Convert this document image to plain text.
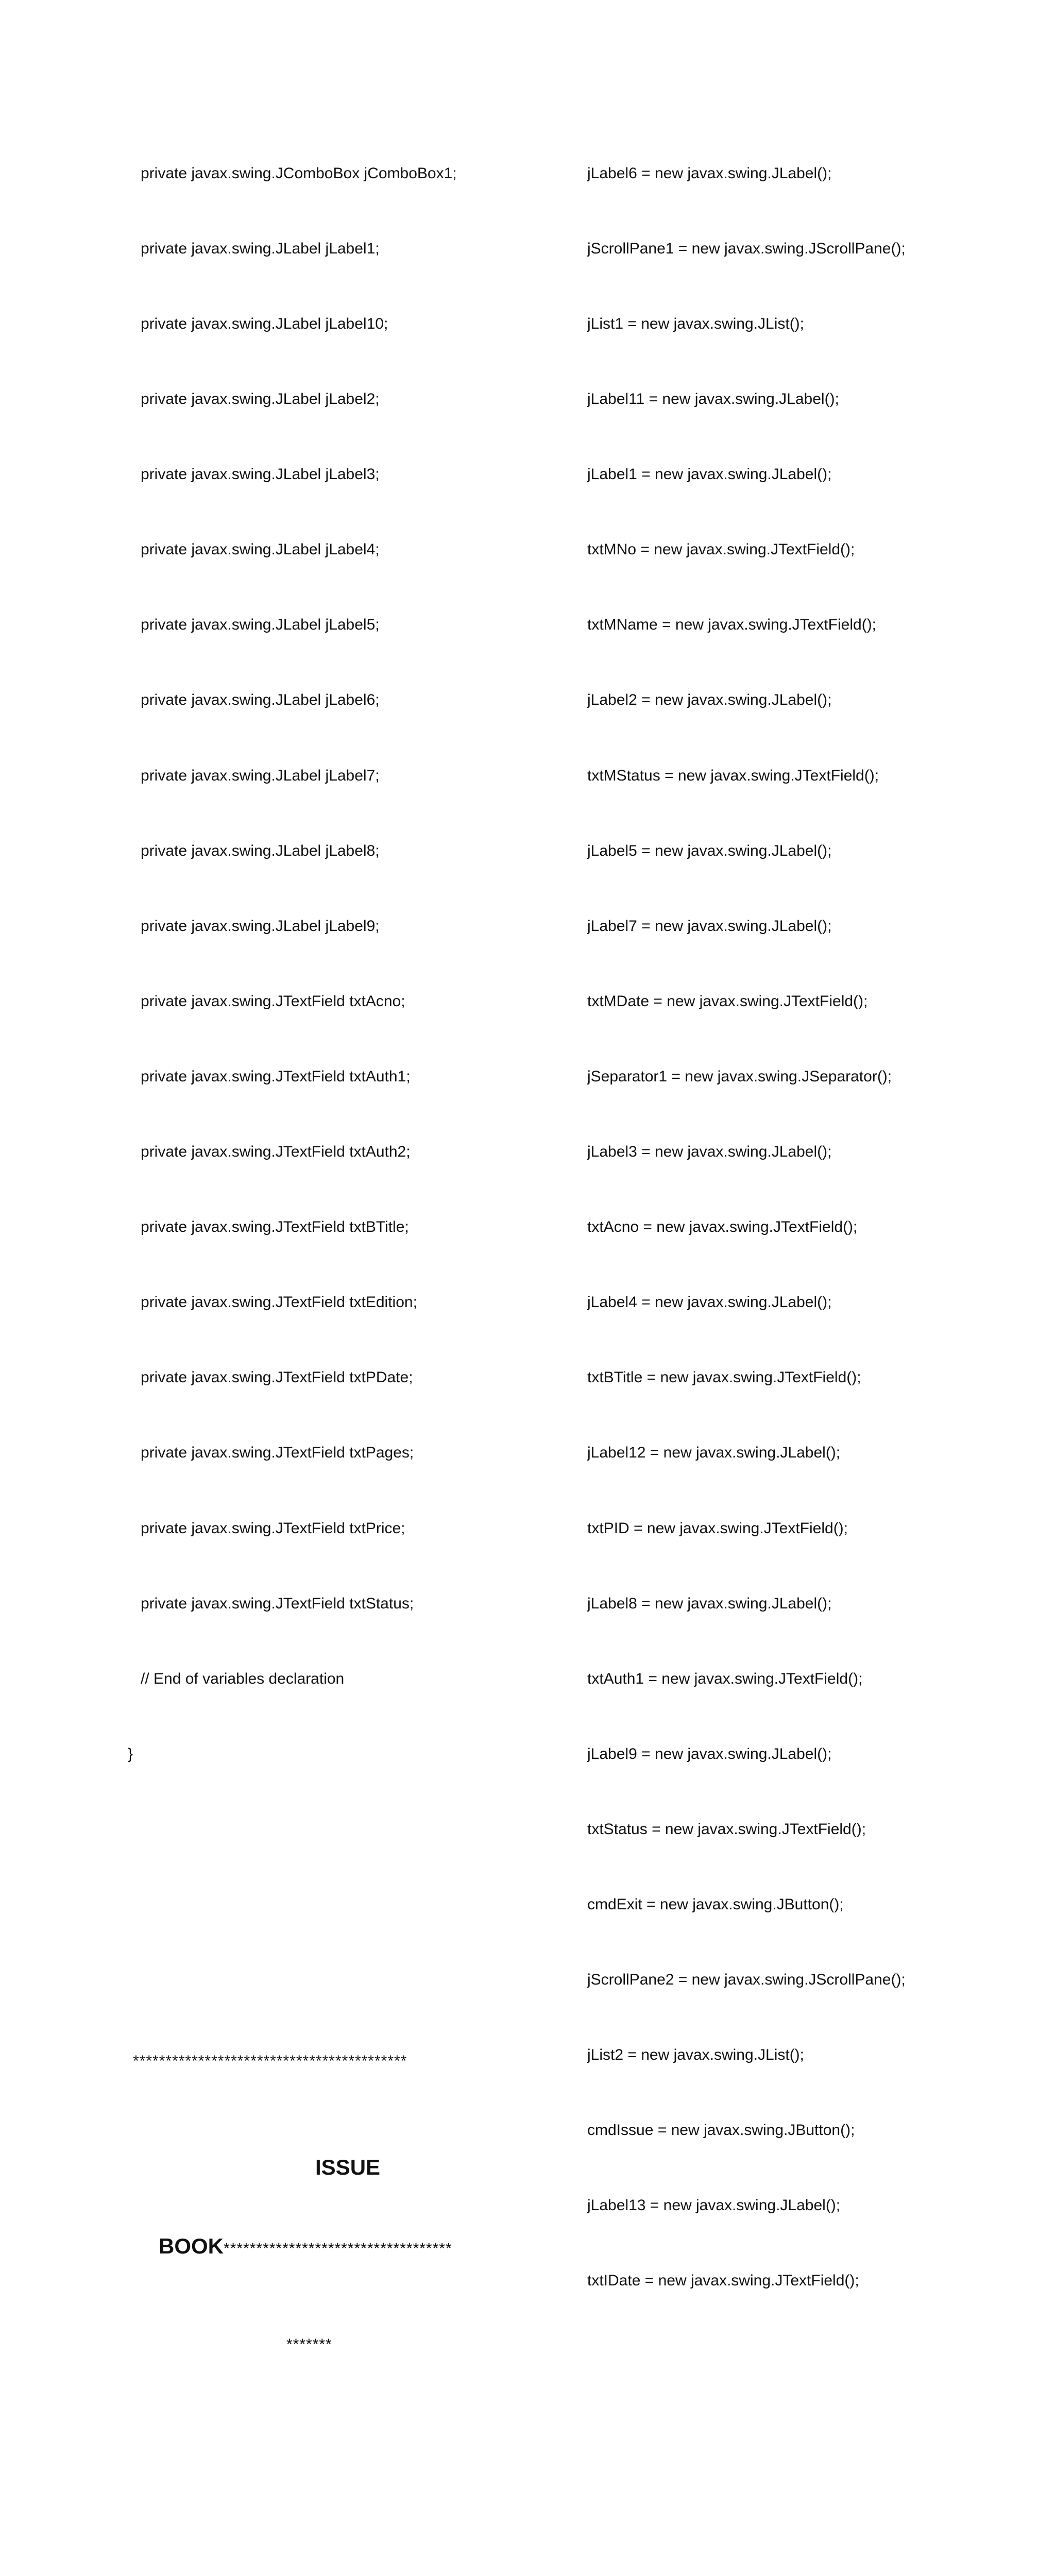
private javax.swing.JComboBox jComboBox1;

private javax.swing.JLabel jLabel1;

private javax.swing.JLabel jLabel10;

private javax.swing.JLabel jLabel2;

private javax.swing.JLabel jLabel3;

private javax.swing.JLabel jLabel4;

private javax.swing.JLabel jLabel5;

private javax.swing.JLabel jLabel6;

private javax.swing.JLabel jLabel7;

private javax.swing.JLabel jLabel8;

private javax.swing.JLabel jLabel9;

private javax.swing.JTextField txtAcno;

private javax.swing.JTextField txtAuth1;

private javax.swing.JTextField txtAuth2;

private javax.swing.JTextField txtBTitle;

private javax.swing.JTextField txtEdition;

private javax.swing.JTextField txtPDate;

private javax.swing.JTextField txtPages;

private javax.swing.JTextField txtPrice;

private javax.swing.JTextField txtStatus;

// End of variables declaration

}

******************************************

ISSUE

BOOK***********************************

*******

jLabel6 = new javax.swing.JLabel();

jScrollPane1 = new javax.swing.JScrollPane();

jList1 = new javax.swing.JList();

jLabel11 = new javax.swing.JLabel();

jLabel1 = new javax.swing.JLabel();

txtMNo = new javax.swing.JTextField();

txtMName = new javax.swing.JTextField();

jLabel2 = new javax.swing.JLabel();

txtMStatus = new javax.swing.JTextField();

jLabel5 = new javax.swing.JLabel();

jLabel7 = new javax.swing.JLabel();

txtMDate = new javax.swing.JTextField();

jSeparator1 = new javax.swing.JSeparator();

jLabel3 = new javax.swing.JLabel();

txtAcno = new javax.swing.JTextField();

jLabel4 = new javax.swing.JLabel();

txtBTitle = new javax.swing.JTextField();

jLabel12 = new javax.swing.JLabel();

txtPID = new javax.swing.JTextField();

jLabel8 = new javax.swing.JLabel();

txtAuth1 = new javax.swing.JTextField();

jLabel9 = new javax.swing.JLabel();

txtStatus = new javax.swing.JTextField();

cmdExit = new javax.swing.JButton();

jScrollPane2 = new javax.swing.JScrollPane();

jList2 = new javax.swing.JList();

cmdIssue = new javax.swing.JButton();

jLabel13 = new javax.swing.JLabel();

txtIDate = new javax.swing.JTextField();
